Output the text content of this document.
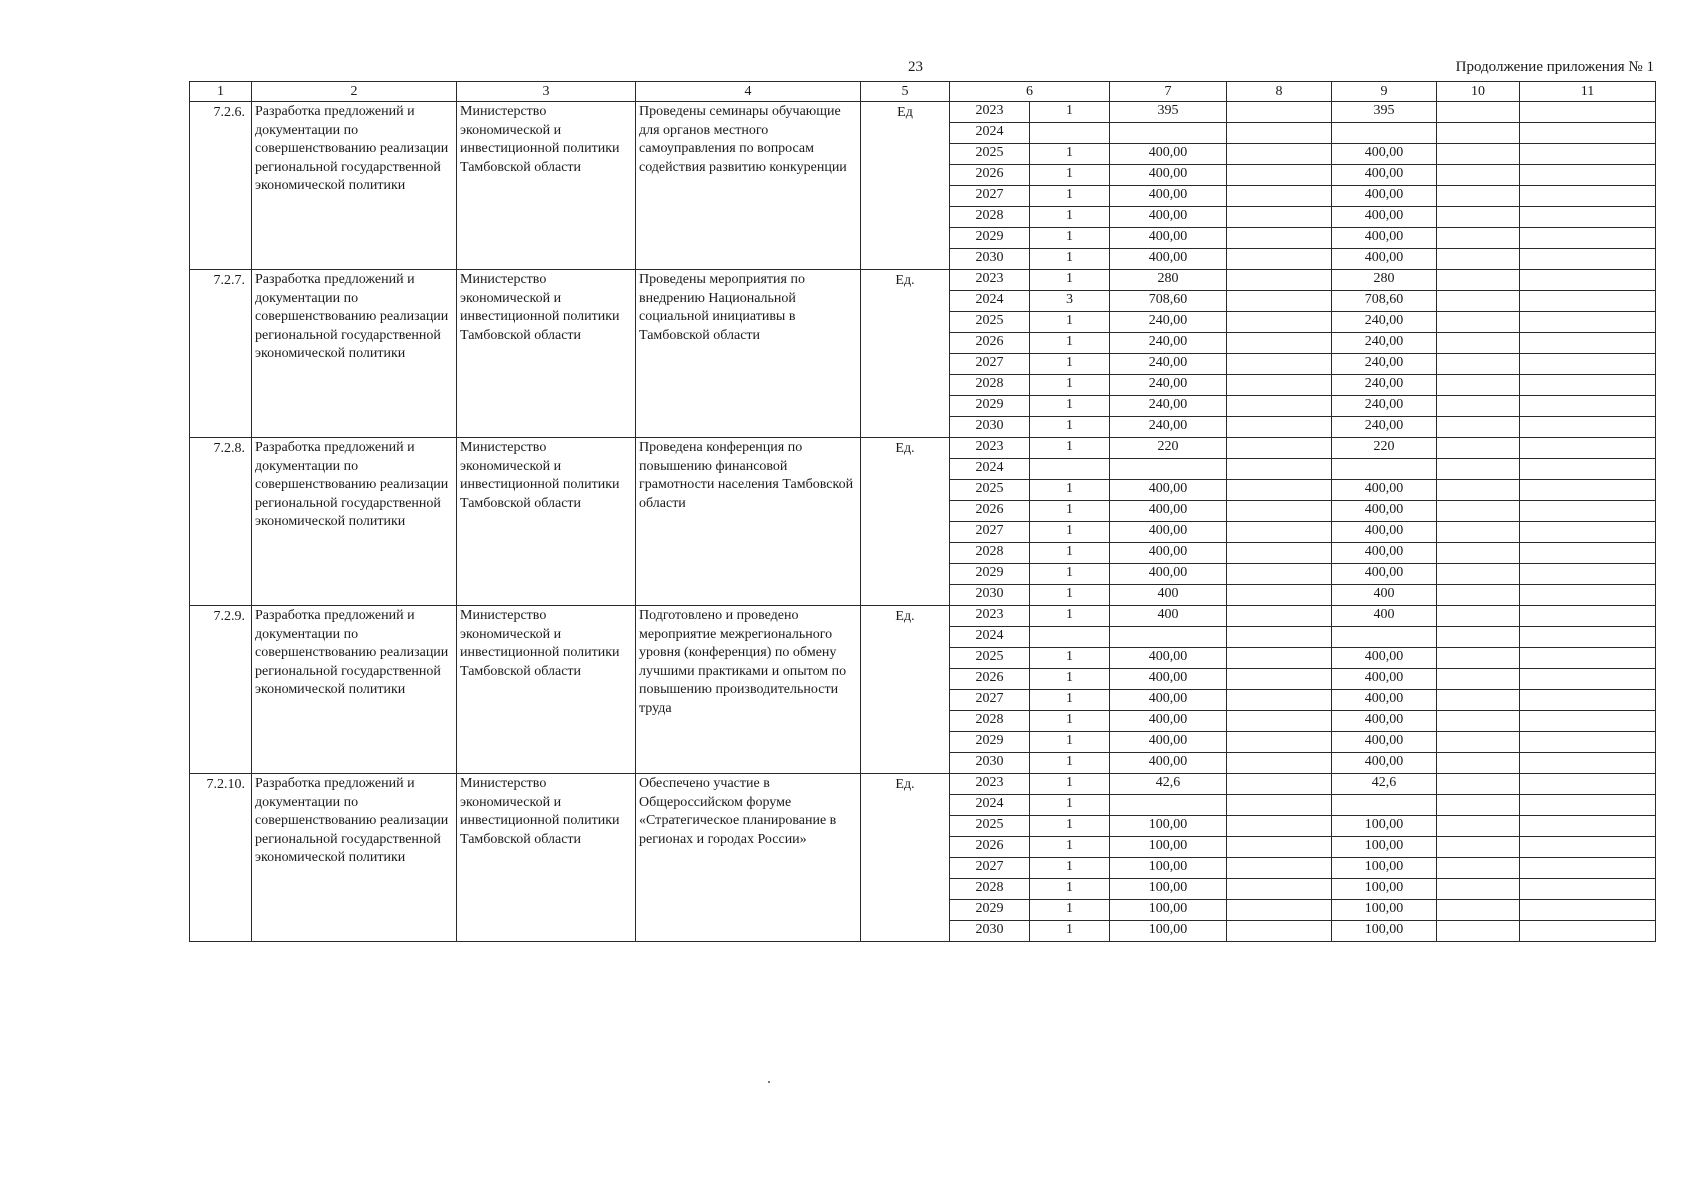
23	Продолжение приложения № 1
1	2	3	4	5	6		7	8	9	10	11
7.2.6.	Разработка предложений и документации по совершенствованию реализации региональной государственной экономической политики	Министерство экономической и инвестиционной политики Тамбовской области	Проведены семинары обучающие для органов местного самоуправления по вопросам содействия развитию конкуренции	Ед	2023	1	395		395		
					2024						
					2025	1	400,00		400,00		
					2026	1	400,00		400,00		
					2027	1	400,00		400,00		
					2028	1	400,00		400,00		
					2029	1	400,00		400,00		
					2030	1	400,00		400,00		
7.2.7.	Разработка предложений и документации по совершенствованию реализации региональной государственной экономической политики	Министерство экономической и инвестиционной политики Тамбовской области	Проведены мероприятия по внедрению Национальной социальной инициативы в Тамбовской области	Ед.	2023	1	280		280		
					2024	3	708,60		708,60		
					2025	1	240,00		240,00		
					2026	1	240,00		240,00		
					2027	1	240,00		240,00		
					2028	1	240,00		240,00		
					2029	1	240,00		240,00		
					2030	1	240,00		240,00		
7.2.8.	Разработка предложений и документации по совершенствованию реализации региональной государственной экономической политики	Министерство экономической и инвестиционной политики Тамбовской области	Проведена конференция по повышению финансовой грамотности населения Тамбовской области	Ед.	2023	1	220		220		
					2024						
					2025	1	400,00		400,00		
					2026	1	400,00		400,00		
					2027	1	400,00		400,00		
					2028	1	400,00		400,00		
					2029	1	400,00		400,00		
					2030	1	400		400		
7.2.9.	Разработка предложений и документации по совершенствованию реализации региональной государственной экономической политики	Министерство экономической и инвестиционной политики Тамбовской области	Подготовлено и проведено мероприятие межрегионального уровня (конференция) по обмену лучшими практиками и опытом по повышению производительности труда	Ед.	2023	1	400		400		
					2024						
					2025	1	400,00		400,00		
					2026	1	400,00		400,00		
					2027	1	400,00		400,00		
					2028	1	400,00		400,00		
					2029	1	400,00		400,00		
					2030	1	400,00		400,00		
7.2.10.	Разработка предложений и документации по совершенствованию реализации региональной государственной экономической политики	Министерство экономической и инвестиционной политики Тамбовской области	Обеспечено участие в Общероссийском форуме «Стратегическое планирование в регионах и городах России»	Ед.	2023	1	42,6		42,6		
					2024	1					
					2025	1	100,00		100,00		
					2026	1	100,00		100,00		
					2027	1	100,00		100,00		
					2028	1	100,00		100,00		
					2029	1	100,00		100,00		
					2030	1	100,00		100,00		
